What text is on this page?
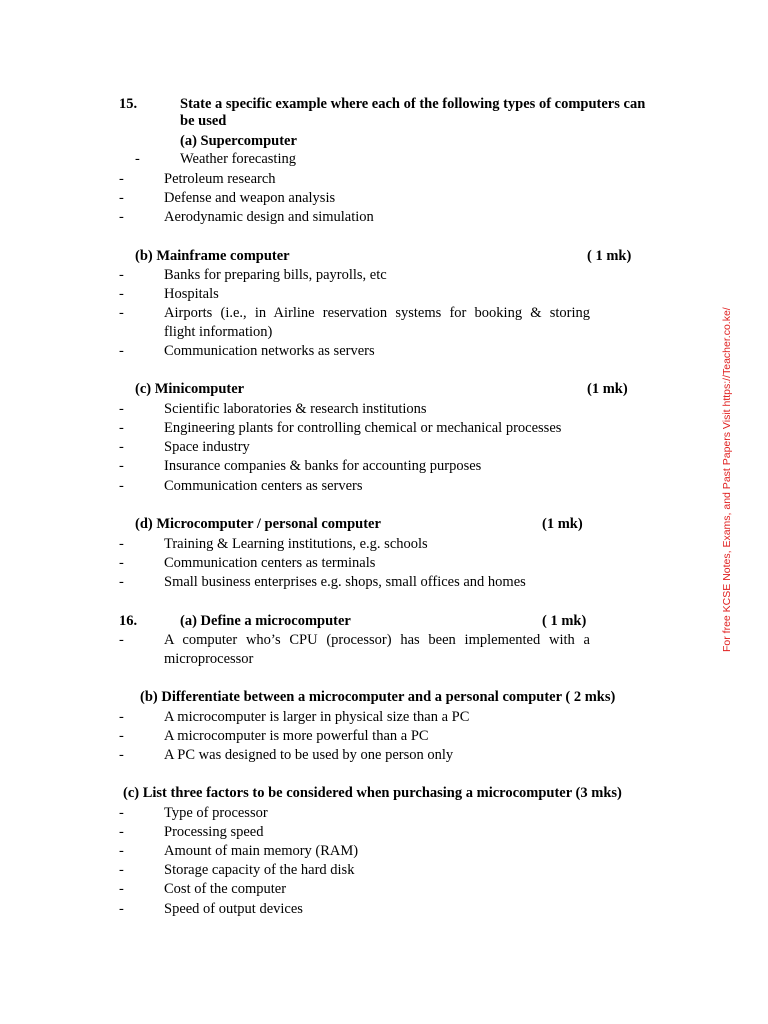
15.	State a specific example where each of the following types of computers can
be used
(a) Supercomputer
-	Weather forecasting
-	Petroleum research
-	Defense and weapon analysis
-	Aerodynamic design and simulation
(b) Mainframe computer	( 1 mk)
-	Banks for preparing bills, payrolls, etc
-	Hospitals
-	Airports (i.e., in Airline reservation systems for booking & storing
flight information)
-	Communication networks as servers
(c) Minicomputer	(1 mk)
-	Scientific laboratories & research institutions
-	Engineering plants for controlling chemical or mechanical processes
-	Space industry
-	Insurance companies & banks for accounting purposes
-	Communication centers as servers
(d) Microcomputer / personal computer	(1 mk)
-	Training & Learning institutions, e.g. schools
-	Communication centers as terminals
-	Small business enterprises e.g. shops, small offices and homes
16.	(a) Define a microcomputer	( 1 mk)
-	A computer who’s CPU (processor) has been implemented with a
microprocessor
(b) Differentiate between a microcomputer and a personal computer ( 2 mks)
-	A microcomputer is larger in physical size than a PC
-	A microcomputer is more powerful than a PC
-	A PC was designed to be used by one person only
(c) List three factors to be considered when purchasing a microcomputer (3 mks)
-	Type of processor
-	Processing speed
-	Amount of main memory (RAM)
-	Storage capacity of the hard disk
-	Cost of the computer
-	Speed of output devices
For free KCSE Notes, Exams, and Past Papers Visit https://Teacher.co.ke/
